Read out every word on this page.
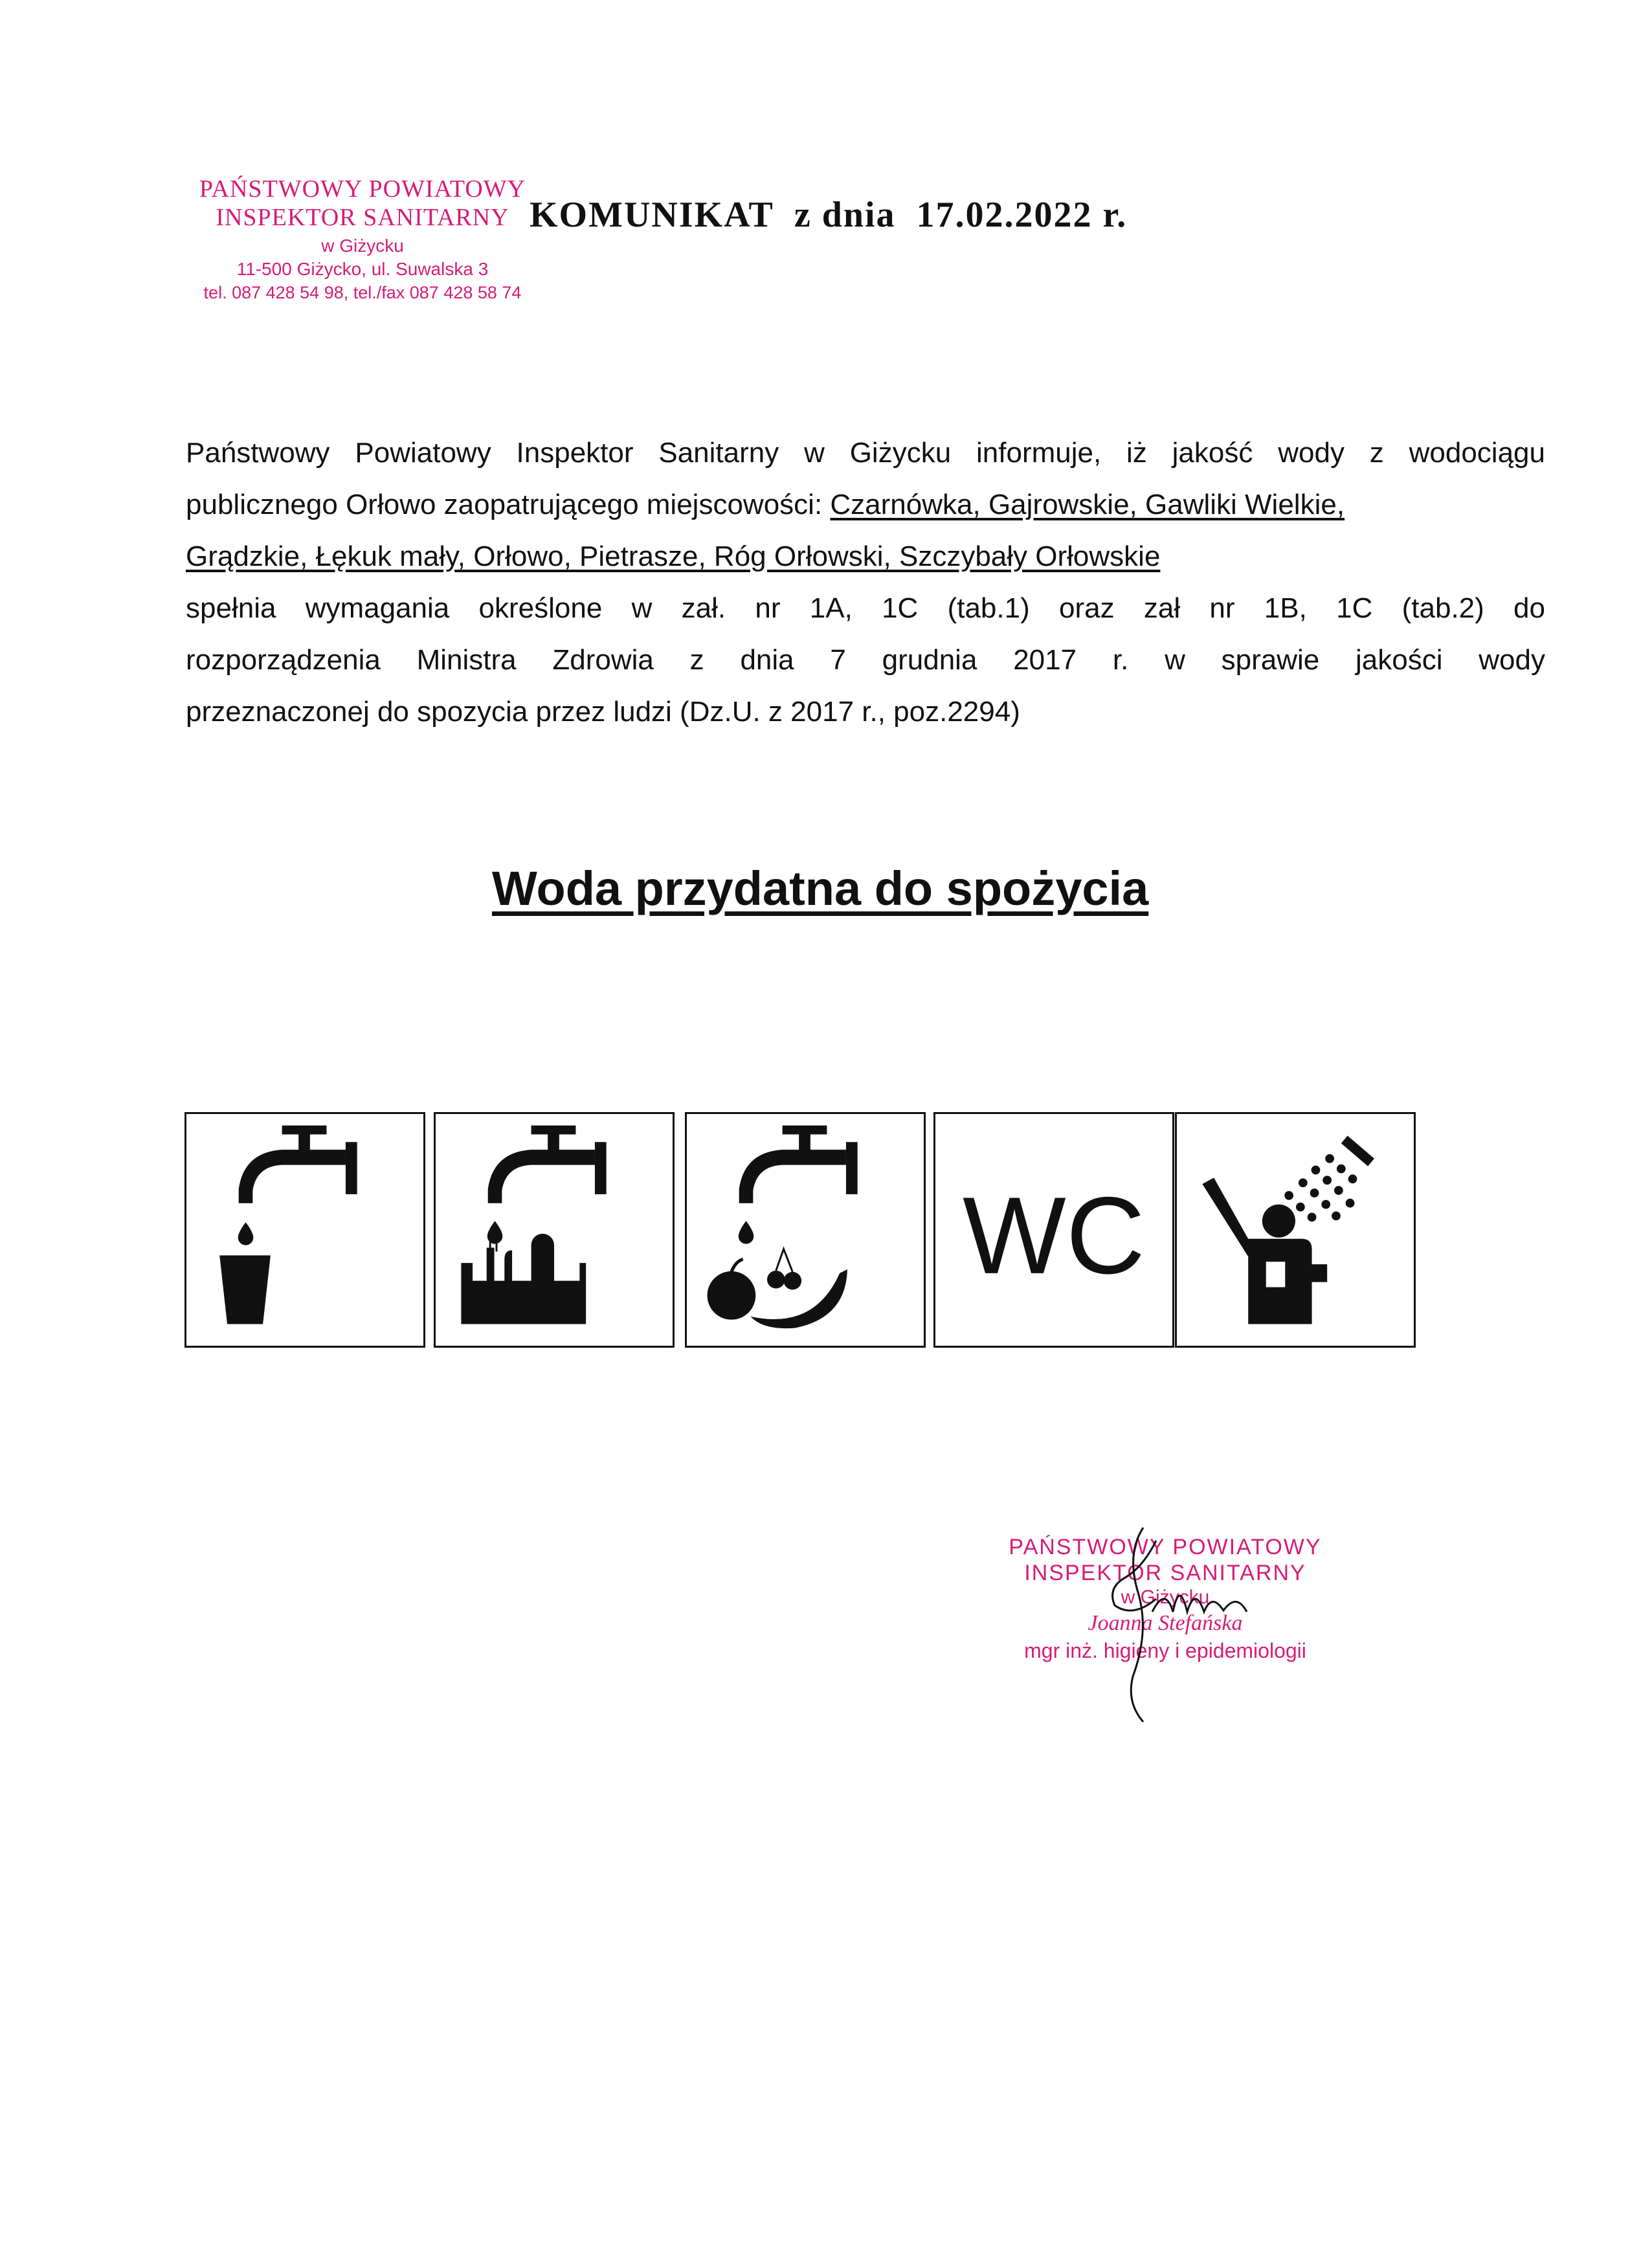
PAŃSTWOWY POWIATOWY
INSPEKTOR SANITARNY
w Giżycku
11-500 Giżycko, ul. Suwalska 3
tel. 087 428 54 98, tel./fax 087 428 58 74
KOMUNIKAT  z dnia  17.02.2022 r.
Państwowy Powiatowy Inspektor Sanitarny w Giżycku informuje, iż jakość wody z wodociągu
publicznego Orłowo zaopatrującego miejscowości: Czarnówka, Gajrowskie, Gawliki Wielkie,
Grądzkie, Łękuk mały, Orłowo, Pietrasze, Róg Orłowski, Szczybały Orłowskie
spełnia wymagania określone w zał. nr 1A, 1C (tab.1) oraz zał nr 1B, 1C (tab.2) do
rozporządzenia Ministra Zdrowia z dnia 7 grudnia 2017 r. w sprawie jakości wody
przeznaczonej do spozycia przez ludzi (Dz.U. z 2017 r., poz.2294)
Woda przydatna do spożycia
WC
PAŃSTWOWY POWIATOWY
INSPEKTOR SANITARNY
w Giżycku
Joanna Stefańska
mgr inż. higieny i epidemiologii
